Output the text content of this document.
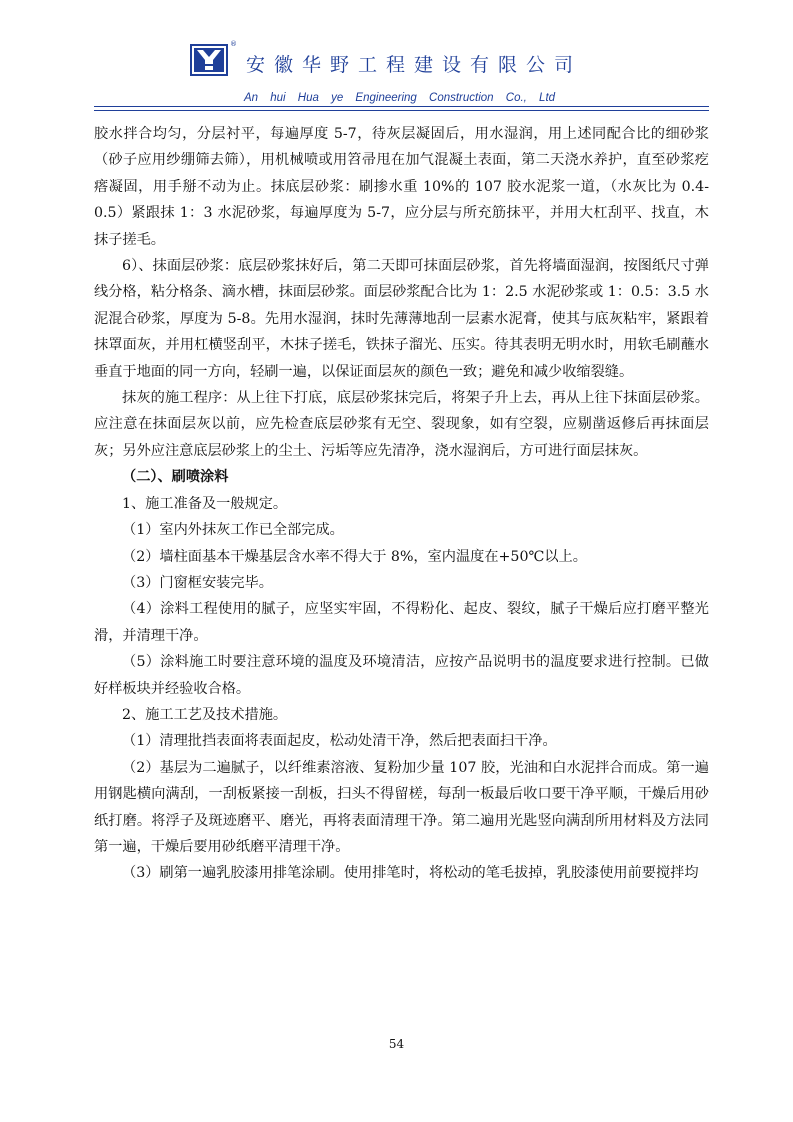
®
安徽华野工程建设有限公司
An hui Hua ye Engineering Construction Co., Ltd

胶水拌合均匀，分层衬平，每遍厚度 5-7，待灰层凝固后，用水湿润，用上述同配合比的细砂浆（砂子应用纱绷筛去筛），用机械喷或用笤帚甩在加气混凝土表面，第二天浇水养护，直至砂浆疙瘩凝固，用手掰不动为止。抹底层砂浆：刷掺水重 10%的 107 胶水泥浆一道，（水灰比为 0.4-0.5）紧跟抹 1：3 水泥砂浆，每遍厚度为 5-7，应分层与所充筋抹平，并用大杠刮平、找直，木抹子搓毛。

6）、抹面层砂浆：底层砂浆抹好后，第二天即可抹面层砂浆，首先将墙面湿润，按图纸尺寸弹线分格，粘分格条、滴水槽，抹面层砂浆。面层砂浆配合比为 1：2.5 水泥砂浆或 1：0.5：3.5 水泥混合砂浆，厚度为 5-8。先用水湿润，抹时先薄薄地刮一层素水泥膏，使其与底灰粘牢，紧跟着抹罩面灰，并用杠横竖刮平，木抹子搓毛，铁抹子溜光、压实。待其表明无明水时，用软毛刷蘸水垂直于地面的同一方向，轻刷一遍，以保证面层灰的颜色一致；避免和减少收缩裂缝。

抹灰的施工程序：从上往下打底，底层砂浆抹完后，将架子升上去，再从上往下抹面层砂浆。应注意在抹面层灰以前，应先检查底层砂浆有无空、裂现象，如有空裂，应剔凿返修后再抹面层灰；另外应注意底层砂浆上的尘土、污垢等应先清净，浇水湿润后，方可进行面层抹灰。

（二）、刷喷涂料

1、施工准备及一般规定。

（1）室内外抹灰工作已全部完成。

（2）墙柱面基本干燥基层含水率不得大于 8%，室内温度在+50℃以上。

（3）门窗框安装完毕。

（4）涂料工程使用的腻子，应坚实牢固，不得粉化、起皮、裂纹，腻子干燥后应打磨平整光滑，并清理干净。

（5）涂料施工时要注意环境的温度及环境清洁，应按产品说明书的温度要求进行控制。已做好样板块并经验收合格。

2、施工工艺及技术措施。

（1）清理批挡表面将表面起皮，松动处清干净，然后把表面扫干净。

（2）基层为二遍腻子，以纤维素溶液、复粉加少量 107 胶，光油和白水泥拌合而成。第一遍用钢匙横向满刮，一刮板紧接一刮板，扫头不得留槎，每刮一板最后收口要干净平顺，干燥后用砂纸打磨。将浮子及斑迹磨平、磨光，再将表面清理干净。第二遍用光匙竖向满刮所用材料及方法同第一遍，干燥后要用砂纸磨平清理干净。

（3）刷第一遍乳胶漆用排笔涂刷。使用排笔时，将松动的笔毛拔掉，乳胶漆使用前要搅拌均

54
